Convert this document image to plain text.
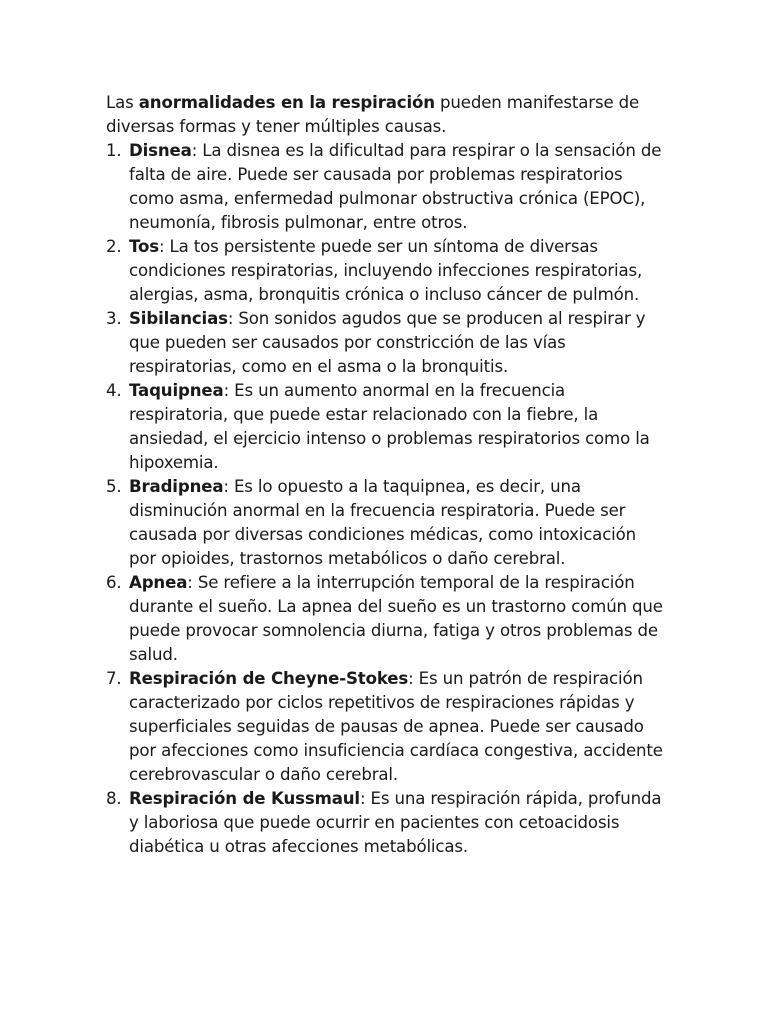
Las anormalidades en la respiración pueden manifestarse de diversas formas y tener múltiples causas.

1. Disnea: La disnea es la dificultad para respirar o la sensación de falta de aire. Puede ser causada por problemas respiratorios como asma, enfermedad pulmonar obstructiva crónica (EPOC), neumonía, fibrosis pulmonar, entre otros.
2. Tos: La tos persistente puede ser un síntoma de diversas condiciones respiratorias, incluyendo infecciones respiratorias, alergias, asma, bronquitis crónica o incluso cáncer de pulmón.
3. Sibilancias: Son sonidos agudos que se producen al respirar y que pueden ser causados por constricción de las vías respiratorias, como en el asma o la bronquitis.
4. Taquipnea: Es un aumento anormal en la frecuencia respiratoria, que puede estar relacionado con la fiebre, la ansiedad, el ejercicio intenso o problemas respiratorios como la hipoxemia.
5. Bradipnea: Es lo opuesto a la taquipnea, es decir, una disminución anormal en la frecuencia respiratoria. Puede ser causada por diversas condiciones médicas, como intoxicación por opioides, trastornos metabólicos o daño cerebral.
6. Apnea: Se refiere a la interrupción temporal de la respiración durante el sueño. La apnea del sueño es un trastorno común que puede provocar somnolencia diurna, fatiga y otros problemas de salud.
7. Respiración de Cheyne-Stokes: Es un patrón de respiración caracterizado por ciclos repetitivos de respiraciones rápidas y superficiales seguidas de pausas de apnea. Puede ser causado por afecciones como insuficiencia cardíaca congestiva, accidente cerebrovascular o daño cerebral.
8. Respiración de Kussmaul: Es una respiración rápida, profunda y laboriosa que puede ocurrir en pacientes con cetoacidosis diabética u otras afecciones metabólicas.
